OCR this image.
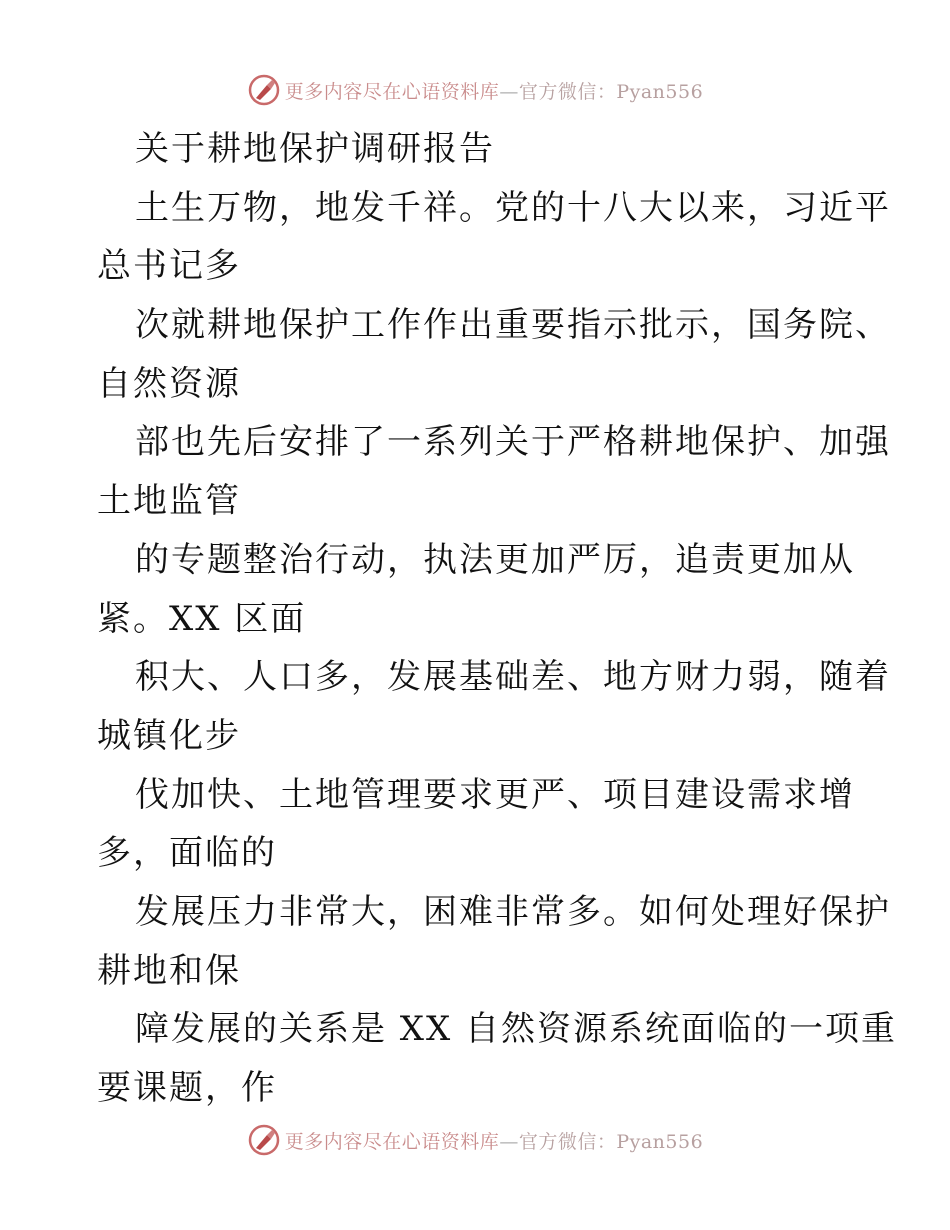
更多内容尽在心语资料库—官方微信：Pyan556
关于耕地保护调研报告
土生万物，地发千祥。党的十八大以来，习近平
总书记多
次就耕地保护工作作出重要指示批示，国务院、
自然资源
部也先后安排了一系列关于严格耕地保护、加强
土地监管
的专题整治行动，执法更加严厉，追责更加从
紧。XX 区面
积大、人口多，发展基础差、地方财力弱，随着
城镇化步
伐加快、土地管理要求更严、项目建设需求增
多，面临的
发展压力非常大，困难非常多。如何处理好保护
耕地和保
障发展的关系是 XX 自然资源系统面临的一项重
要课题，作
更多内容尽在心语资料库—官方微信：Pyan556
